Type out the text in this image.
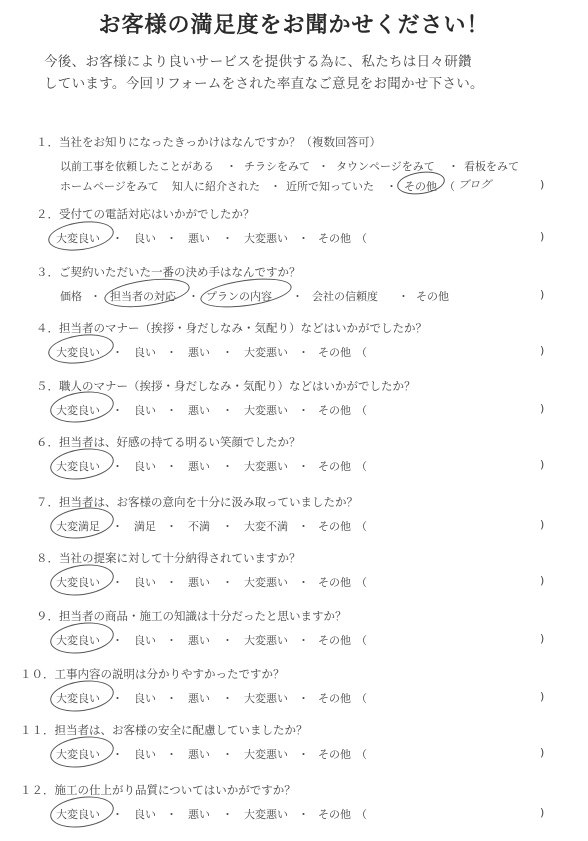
お客様の満足度をお聞かせください！
今後、お客様により良いサービスを提供する為に、私たちは日々研鑽
しています。今回リフォームをされた率直なご意見をお聞かせ下さい。
１．当社をお知りになったきっかけはなんですか？（複数回答可）
以前工事を依頼したことがある ・ チラシをみて ・ タウンページをみて ・ 看板をみて
ホームページをみて 知人に紹介された ・ 近所で知っていた ・ その他 （ ブログ	)
２．受付ての電話対応はいかがでしたか？
大変良い ・ 良い ・ 悪い ・ 大変悪い ・ その他 （	)
３．ご契約いただいた一番の決め手はなんですか？
価格 ・ 担当者の対応 ・ プランの内容 ・ 会社の信頼度 ・ その他	)
４．担当者のマナー（挨拶・身だしなみ・気配り）などはいかがでしたか？
大変良い ・ 良い ・ 悪い ・ 大変悪い ・ その他 （	)
５．職人のマナー（挨拶・身だしなみ・気配り）などはいかがでしたか？
大変良い ・ 良い ・ 悪い ・ 大変悪い ・ その他 （	)
６．担当者は、好感の持てる明るい笑顔でしたか？
大変良い ・ 良い ・ 悪い ・ 大変悪い ・ その他 （	)
７．担当者は、お客様の意向を十分に汲み取っていましたか？
大変満足 ・ 満足 ・ 不満 ・ 大変不満 ・ その他 （	)
８．当社の提案に対して十分納得されていますか？
大変良い ・ 良い ・ 悪い ・ 大変悪い ・ その他 （	)
９．担当者の商品・施工の知識は十分だったと思いますか？
大変良い ・ 良い ・ 悪い ・ 大変悪い ・ その他 （	)
１０．工事内容の説明は分かりやすかったですか？
大変良い ・ 良い ・ 悪い ・ 大変悪い ・ その他 （	)
１１．担当者は、お客様の安全に配慮していましたか？
大変良い ・ 良い ・ 悪い ・ 大変悪い ・ その他 （	)
１２．施工の仕上がり品質についてはいかがですか？
大変良い ・ 良い ・ 悪い ・ 大変悪い ・ その他 （	)
